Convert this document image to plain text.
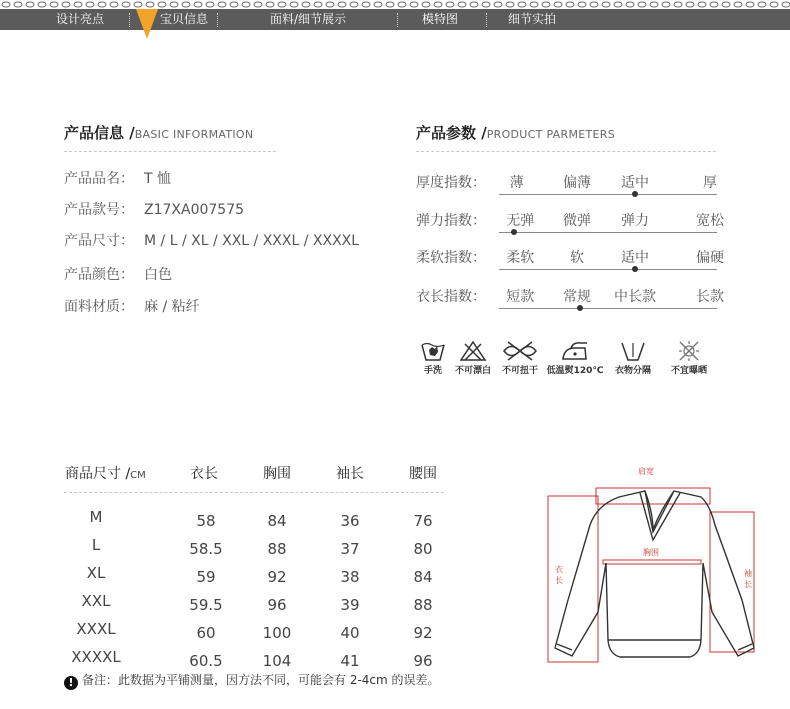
设计亮点	宝贝信息	面料/细节展示	模特图	细节实拍
产品信息 /BASIC INFORMATION
产品品名： T 恤
产品款号： Z17XA007575
产品尺寸： M / L / XL / XXL / XXXL / XXXXL
产品颜色： 白色
面料材质： 麻 / 粘纤
产品参数 /PRODUCT PARMETERS
厚度指数： 薄	偏薄 适中	厚
弹力指数： 无弹 微弹 弹力	宽松
柔软指数： 柔软	软	适中	偏硬
衣长指数： 短款 常规 中长款	长款
手洗	不可漂白	不可扭干 低温熨120℃	衣物分隔	不宜曝晒
商品尺寸 /CM	衣长	胸围	袖长	腰围
M	58	84	36	76
L	58.5	88	37	80
XL	59	92	38	84
XXL	59.5	96	39	88
XXXL	60	100	40	92
XXXXL	60.5	104	41	96
! 备注：此数据为平铺测量，因方法不同，可能会有 2-4cm 的误差。
肩宽
胸围
衣长
袖长
